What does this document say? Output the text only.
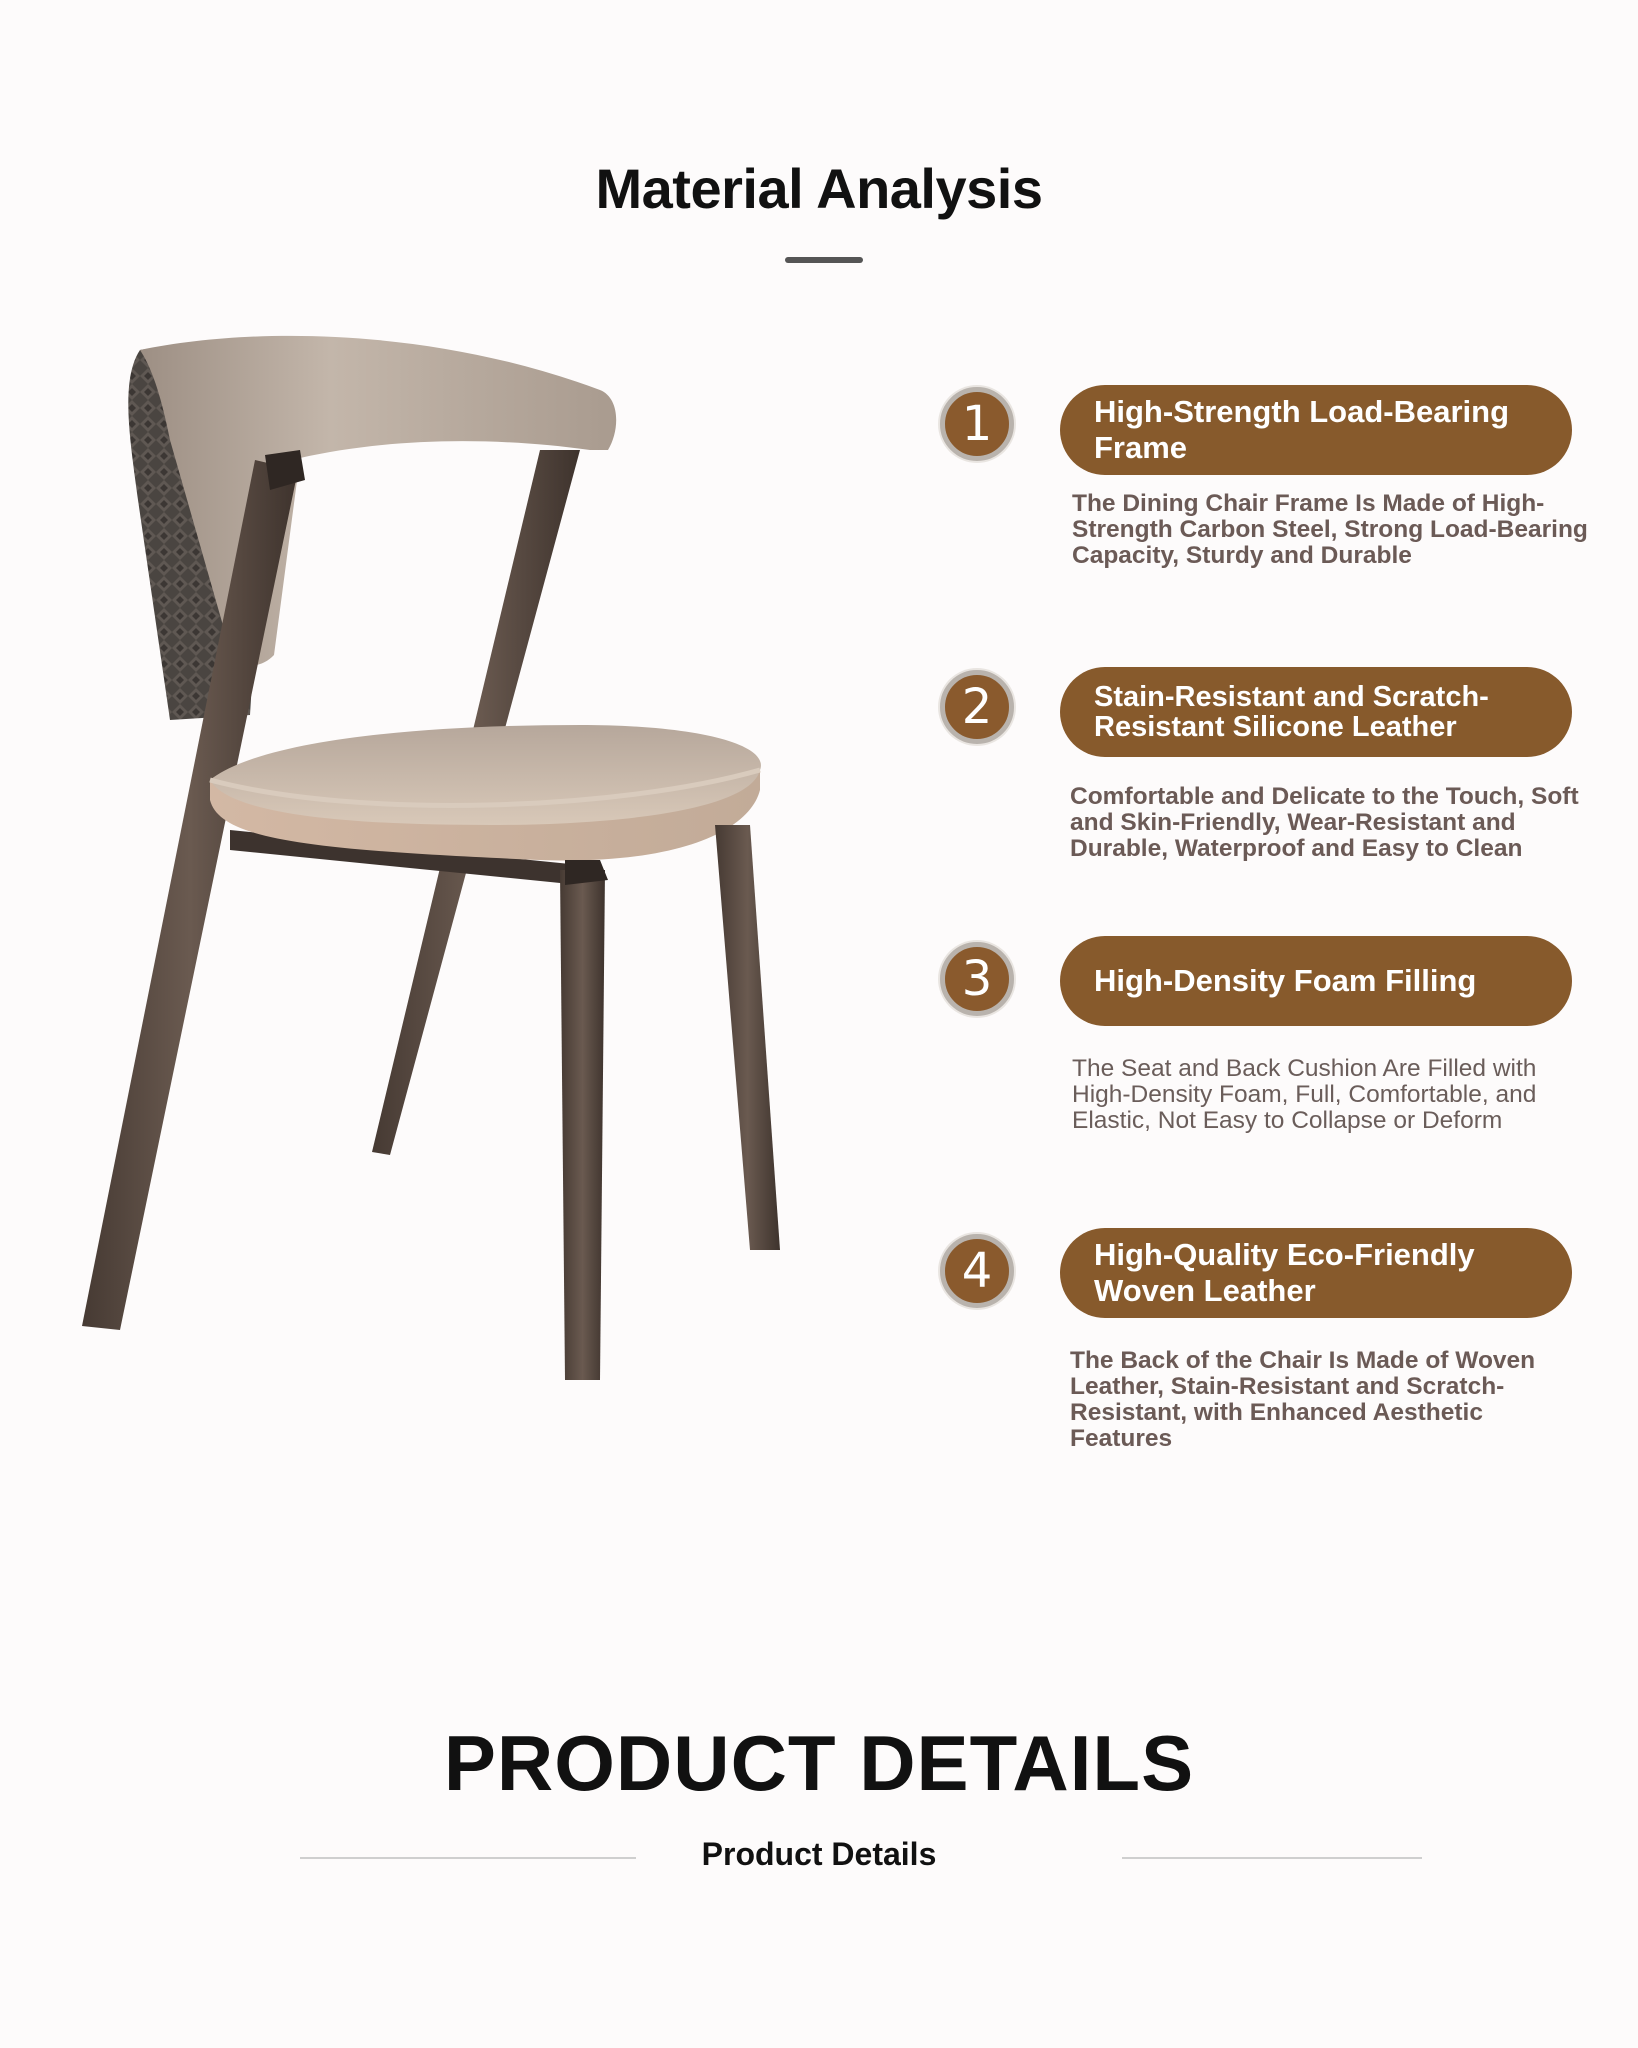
Material Analysis
1	High-Strength Load-Bearing Frame
The Dining Chair Frame Is Made of High-Strength Carbon Steel, Strong Load-Bearing Capacity, Sturdy and Durable
2	Stain-Resistant and Scratch-Resistant Silicone Leather
Comfortable and Delicate to the Touch, Soft and Skin-Friendly, Wear-Resistant and Durable, Waterproof and Easy to Clean
3	High-Density Foam Filling
The Seat and Back Cushion Are Filled with High-Density Foam, Full, Comfortable, and Elastic, Not Easy to Collapse or Deform
4	High-Quality Eco-Friendly Woven Leather
The Back of the Chair Is Made of Woven Leather, Stain-Resistant and Scratch-Resistant, with Enhanced Aesthetic Features
PRODUCT DETAILS
Product Details
